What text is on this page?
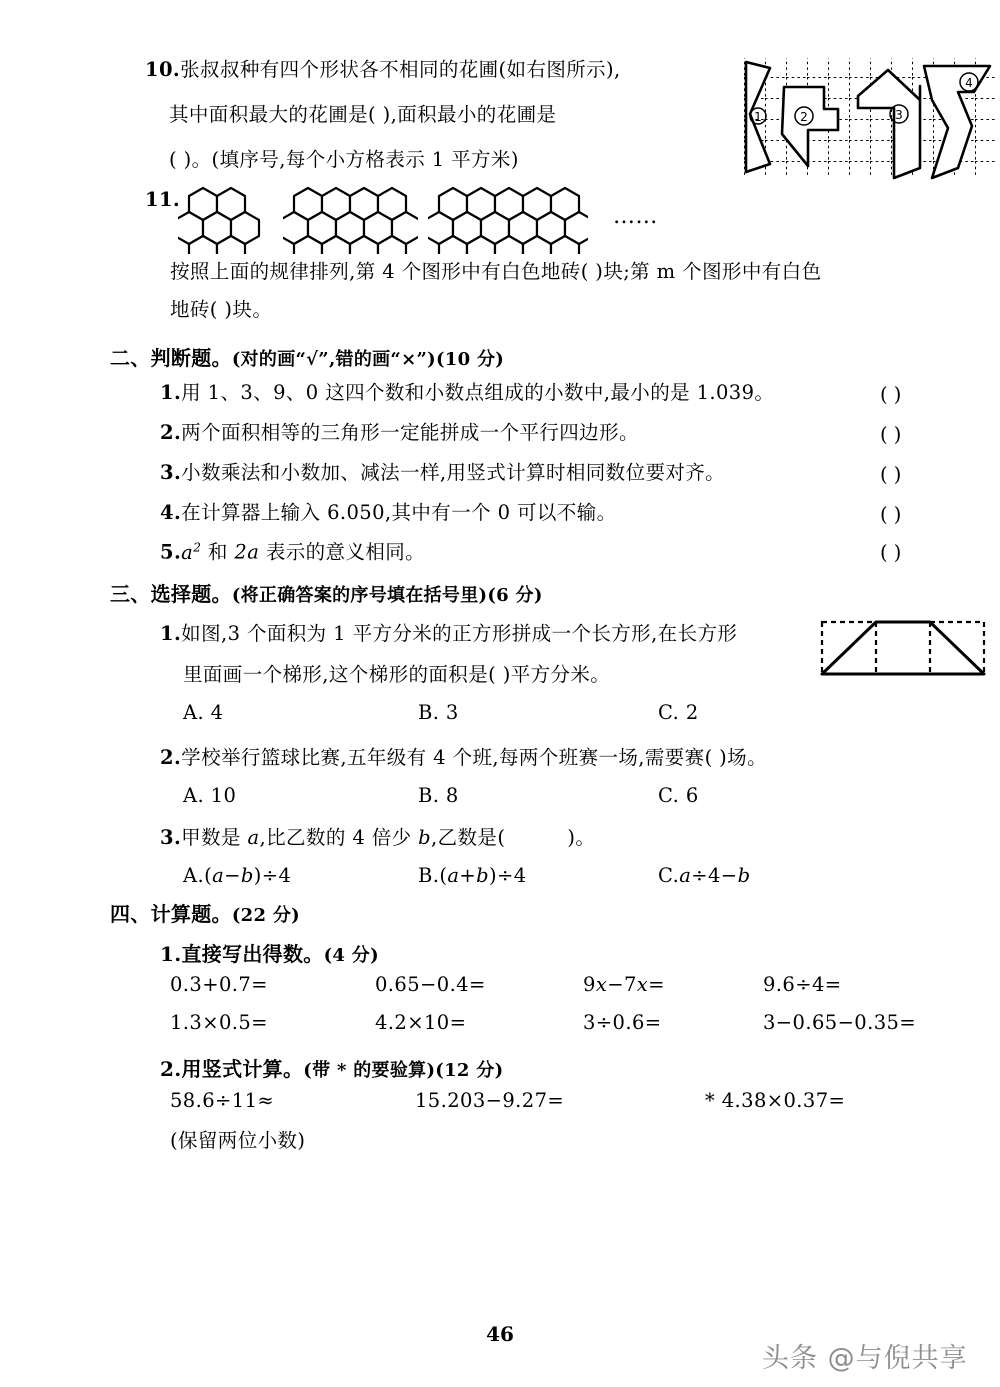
10.张叔叔种有四个形状各不相同的花圃(如右图所示),
其中面积最大的花圃是( ),面积最小的花圃是
( )。(填序号,每个小方格表示 1 平方米)
1	2	3
4
11.
……
按照上面的规律排列,第 4 个图形中有白色地砖( )块;第 m 个图形中有白色
地砖( )块。
二、判断题。(对的画“√”,错的画“×”)(10 分)
1.用 1、3、9、0 这四个数和小数点组成的小数中,最小的是 1.039。	( )
2.两个面积相等的三角形一定能拼成一个平行四边形。	( )
3.小数乘法和小数加、减法一样,用竖式计算时相同数位要对齐。	( )
4.在计算器上输入 6.050,其中有一个 0 可以不输。	( )
$5.a^2$ 和 2a 表示的意义相同。	( )
三、选择题。(将正确答案的序号填在括号里)(6 分)
1.如图,3 个面积为 1 平方分米的正方形拼成一个长方形,在长方形
里面画一个梯形,这个梯形的面积是( )平方分米。
A. 4	B. 3	C. 2
2.学校举行篮球比赛,五年级有 4 个班,每两个班赛一场,需要赛( )场。
A. 10	B. 8	C. 6
3.甲数是 a,比乙数的 4 倍少 b,乙数是(	)。
A.(a−b)÷4	B.(a+b)÷4	C.a÷4−b
四、计算题。(22 分)
1.直接写出得数。(4 分)
0.3+0.7=	0.65−0.4=	9x−7x=	9.6÷4=
1.3×0.5=	4.2×10=	3÷0.6=	3−0.65−0.35=
2.用竖式计算。(带 * 的要验算)(12 分)
58.6÷11≈	15.203−9.27=	* 4.38×0.37=
(保留两位小数)
46
头条 @与倪共享
